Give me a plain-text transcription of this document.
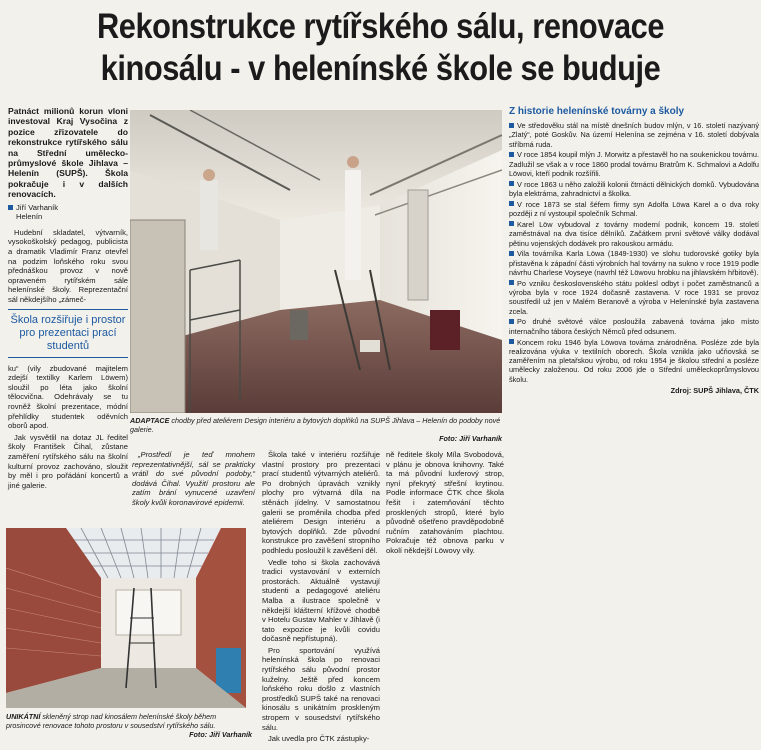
Rekonstrukce rytířského sálu, renovace
kinosálu - v helenínské škole se buduje

Patnáct milionů korun vloni investoval Kraj Vysočina z pozice zřizovatele do rekonstrukce rytířského sálu na Střední umělecko-průmyslové škole Jihlava – Helenín (SUPŠ). Škola pokračuje i v dalších renovacích.

Jiří Varhaník
Helenín

Hudební skladatel, výtvarník, vysokoškolský pedagog, publicista a dramatik Vladimír Franz otevřel na podzim loňského roku svou přednáškou provoz v nově opraveném rytířském sále helenínské školy. Reprezentační sál někdejšího „zámeč-

Škola rozšiřuje i prostor pro prezentaci prací studentů

ku“ (vily zbudované majitelem zdejší textilky Karlem Löwem) sloužil po léta jako školní tělocvična. Odehrávaly se tu rovněž školní prezentace, módní přehlídky studentek oděvních oborů apod.

Jak vysvětlil na dotaz JL ředitel školy František Čihal, zůstane zaměření rytířského sálu na školní kulturní provoz zachováno, sloužit by měl i pro pořádání koncertů a jiné galerie.

ADAPTACE chodby před ateliérem Design interiéru a bytových doplňků na SUPŠ Jihlava – Helenín do podoby nové galerie.
Foto: Jiří Varhaník

„Prostředí je teď mnohem reprezentativnější, sál se prakticky vrátil do své původní podoby,“ dodává Čihal. Využití prostoru ale zatím brání vynucené uzavření školy kvůli koronavirové epidemii.

Škola také v interiéru rozšiřuje vlastní prostory pro prezentaci prací studentů výtvarných ateliérů. Po drobných úpravách vznikly plochy pro výtvarná díla na stěnách jídelny. V samostatnou galerii se proměnila chodba před ateliérem Design interiéru a bytových doplňků. Zde původní konstrukce pro zavěšení stropního podhledu posloužil k zavěšení děl.

Vedle toho si škola zachovává tradici vystavování v externích prostorách. Aktuálně vystavují studenti a pedagogové ateliéru Malba a ilustrace společně v někdejší klášterní křížové chodbě v Hotelu Gustav Mahler v Jihlavě (i tato expozice je kvůli covidu dočasně nepřístupná).

Pro sportování využívá helenínská škola po renovaci rytířského sálu původní prostor kuželny. Ještě před koncem loňského roku došlo z vlastních prostředků SUPŠ také na renovaci kinosálu s unikátním proskleným stropem v sousedství rytířského sálu.

Jak uvedla pro ČTK zástupky-

ně ředitele školy Míla Svobodová, v plánu je obnova knihovny. Také ta má původní luxferový strop, nyní překrytý střešní krytinou. Podle informace ČTK chce škola řešit i zatemňování těchto prosklených stropů, které bylo původně ošetřeno pravděpodobně ručním zatahováním plachtou. Pokračuje též obnova parku v okolí někdejší Löwovy vily.

UNIKÁTNÍ skleněný strop nad kinosálem helenínské školy během prosincové renovace tohoto prostoru v sousedství rytířského sálu.
Foto: Jiří Varhaník
Z historie helenínské továrny a školy
Ve středověku stál na místě dnešních budov mlýn, v 16. století nazývaný „Zlatý“, poté Goskův. Na území Helenína se zejména v 16. století dobývala stříbrná ruda.
V roce 1854 koupil mlýn J. Morwitz a přestavěl ho na soukenickou továrnu. Zadlužil se však a v roce 1860 prodal továrnu Bratrům K. Schmalovi a Adolfu Löwovi, kteří podnik rozšířili.
V roce 1863 u něho založili kolonii čtrnácti dělnických domků. Vybudována byla elektrárna, zahradnictví a školka.
V roce 1873 se stal šéfem firmy syn Adolfa Löwa Karel a o dva roky později z ní vystoupil společník Schmal.
Karel Löw vybudoval z továrny moderní podnik, koncem 19. století zaměstnával na dva tisíce dělníků. Začátkem první světové války dodával pětinu vojenských dodávek pro rakouskou armádu.
Vila továrníka Karla Löwa (1849-1930) ve slohu tudorovské gotiky byla přistavěna k západní části výrobních hal továrny na sukno v roce 1919 podle návrhu Charlese Voyseye (navrhl též Löwovu hrobku na jihlavském hřbitově).
Po vzniku československého státu poklesl odbyt i počet zaměstnanců a výroba byla v roce 1924 dočasně zastavena. V roce 1931 se provoz soustředil už jen v Malém Beranově a výroba v Helenínské byla zastavena zcela.
Po druhé světové válce posloužila zabavená továrna jako místo internačního tábora českých Němců před odsunem.
Koncem roku 1946 byla Löwova továrna znárodněna. Posléze zde byla realizována výuka v textilních oborech. Škola vznikla jako učňovská se zaměřením na pletařskou výrobu, od roku 1954 je školou střední a posléze umělecky založenou. Od roku 2006 jde o Střední uměleckoprůmyslovou školu.
Zdroj: SUPŠ Jihlava, ČTK
